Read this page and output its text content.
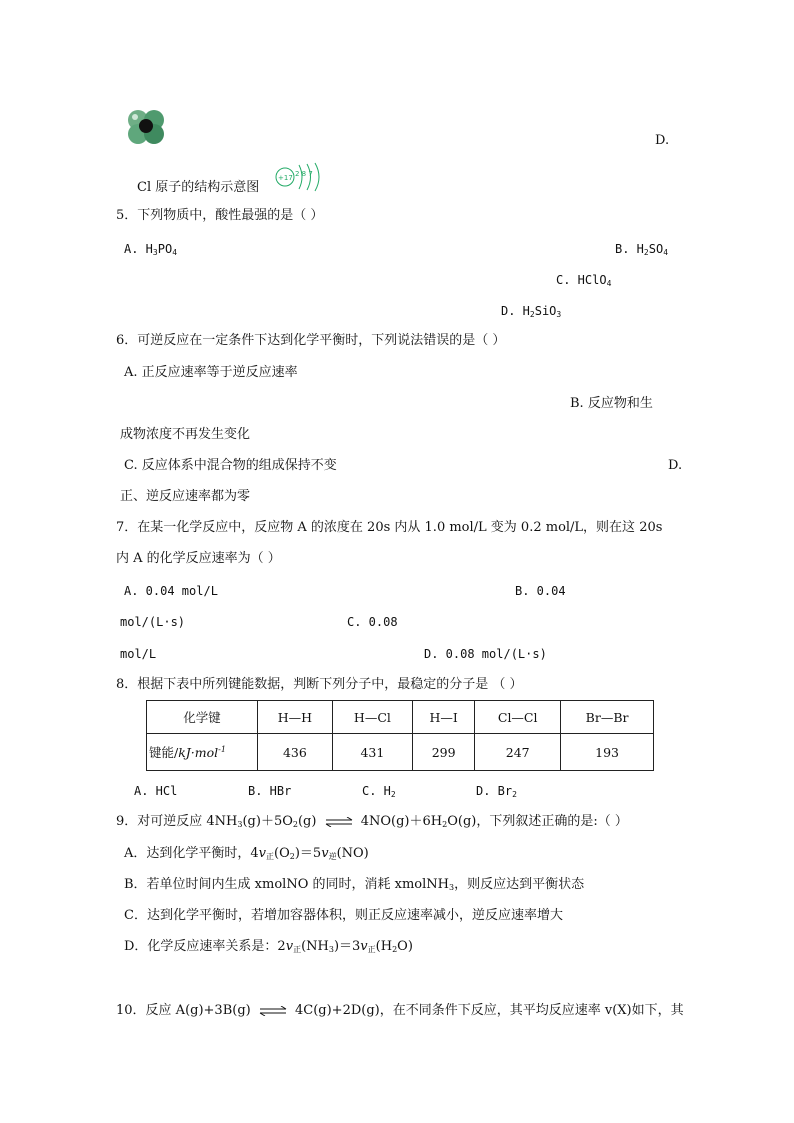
D.
Cl 原子的结构示意图
+17 2 8 7
5．下列物质中，酸性最强的是（ ）
A. $H_3PO_4$	B. $H_2SO_4$
C. HClO$_4$
D. $H_2SiO_3$
6．可逆反应在一定条件下达到化学平衡时，下列说法错误的是（ ）
A. 正反应速率等于逆反应速率
B. 反应物和生
成物浓度不再发生变化
C. 反应体系中混合物的组成保持不变	D.
正、逆反应速率都为零
7．在某一化学反应中，反应物 A 的浓度在 20s 内从 1.0 mol/L 变为 0.2 mol/L，则在这 20s
内 A 的化学反应速率为（ ）
A. 0.04 mol/L	B. 0.04
mol/(L·s)	C. 0.08
mol/L	D. 0.08 mol/(L·s)
8．根据下表中所列键能数据，判断下列分子中，最稳定的分子是 （ ）
化学键	H—H	H—Cl	H—I	Cl—Cl	Br—Br
键能/kJ·mol$^{-1}$	436	431	299	247	193
A. HCl	B. HBr	C. $H_2$	D. $Br_2$
9．对可逆反应 $4NH_3(g)+5O_2(g)$ ⇌ $4NO(g)+6H_2O(g)$，下列叙述正确的是:（ ）
A．达到化学平衡时，$4v_正(O_2)=5v_逆(NO)$
B．若单位时间内生成 xmolNO 的同时，消耗 xmolNH$_3$，则反应达到平衡状态
C．达到化学平衡时，若增加容器体积，则正反应速率减小，逆反应速率增大
D．化学反应速率关系是：$2v_正(NH_3)=3v_正(H_2O)$
10．反应 A(g)+3B(g) ⇌ 4C(g)+2D(g)，在不同条件下反应，其平均反应速率 v(X)如下，其
